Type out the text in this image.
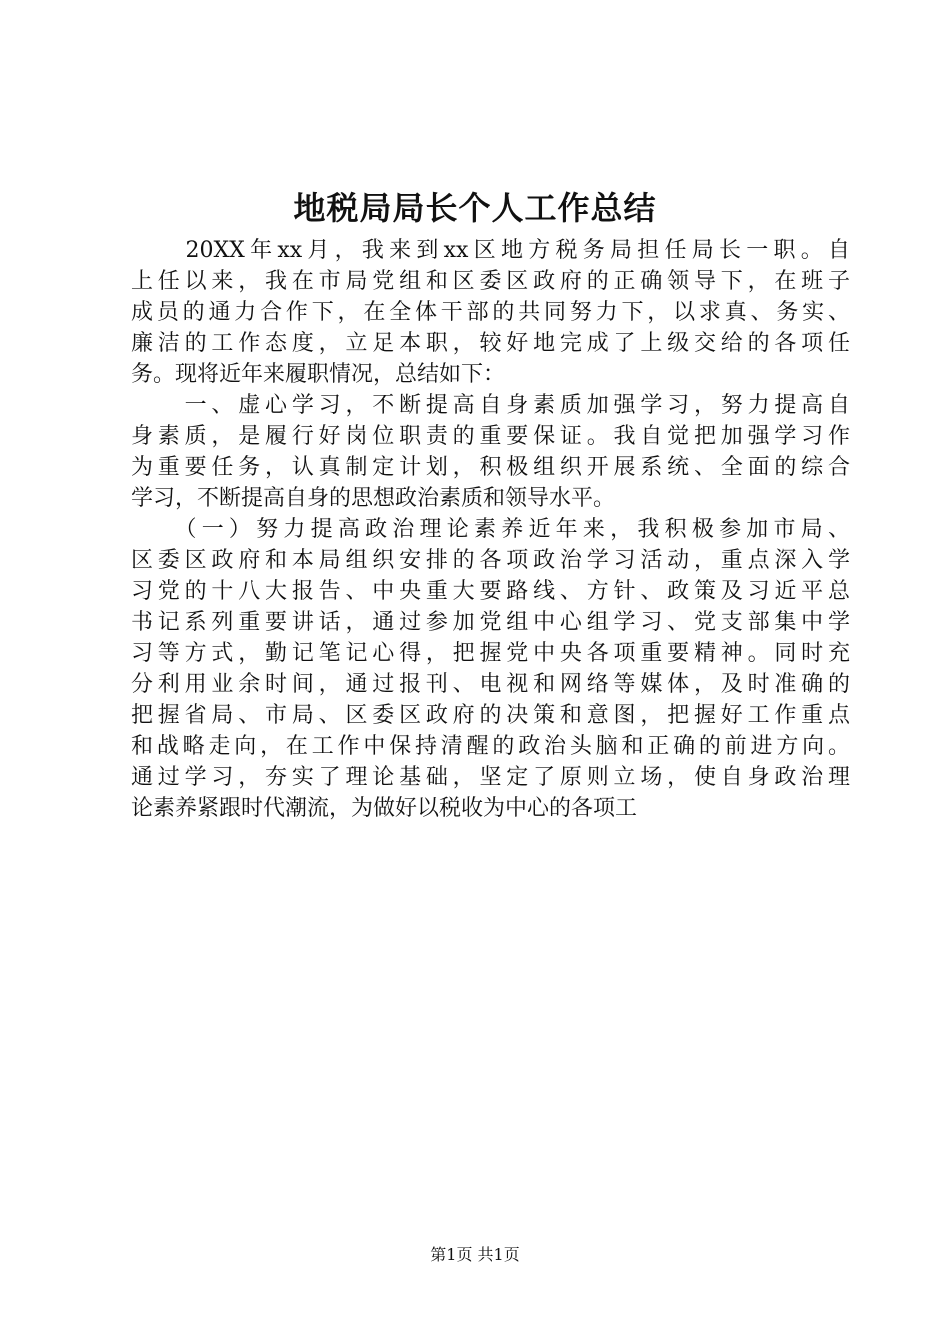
地税局局长个人工作总结
　　20XX年xx月，我来到xx区地方税务局担任局长一职。自
上任以来，我在市局党组和区委区政府的正确领导下，在班子
成员的通力合作下，在全体干部的共同努力下，以求真、务实、
廉洁的工作态度，立足本职，较好地完成了上级交给的各项任
务。现将近年来履职情况，总结如下：
　　一、虚心学习，不断提高自身素质加强学习，努力提高自
身素质，是履行好岗位职责的重要保证。我自觉把加强学习作
为重要任务，认真制定计划，积极组织开展系统、全面的综合
学习，不断提高自身的思想政治素质和领导水平。
　　（一）努力提高政治理论素养近年来，我积极参加市局、
区委区政府和本局组织安排的各项政治学习活动，重点深入学
习党的十八大报告、中央重大要路线、方针、政策及习近平总
书记系列重要讲话，通过参加党组中心组学习、党支部集中学
习等方式，勤记笔记心得，把握党中央各项重要精神。同时充
分利用业余时间，通过报刊、电视和网络等媒体，及时准确的
把握省局、市局、区委区政府的决策和意图，把握好工作重点
和战略走向，在工作中保持清醒的政治头脑和正确的前进方向。
通过学习，夯实了理论基础，坚定了原则立场，使自身政治理
论素养紧跟时代潮流，为做好以税收为中心的各项工
第1页 共1页
